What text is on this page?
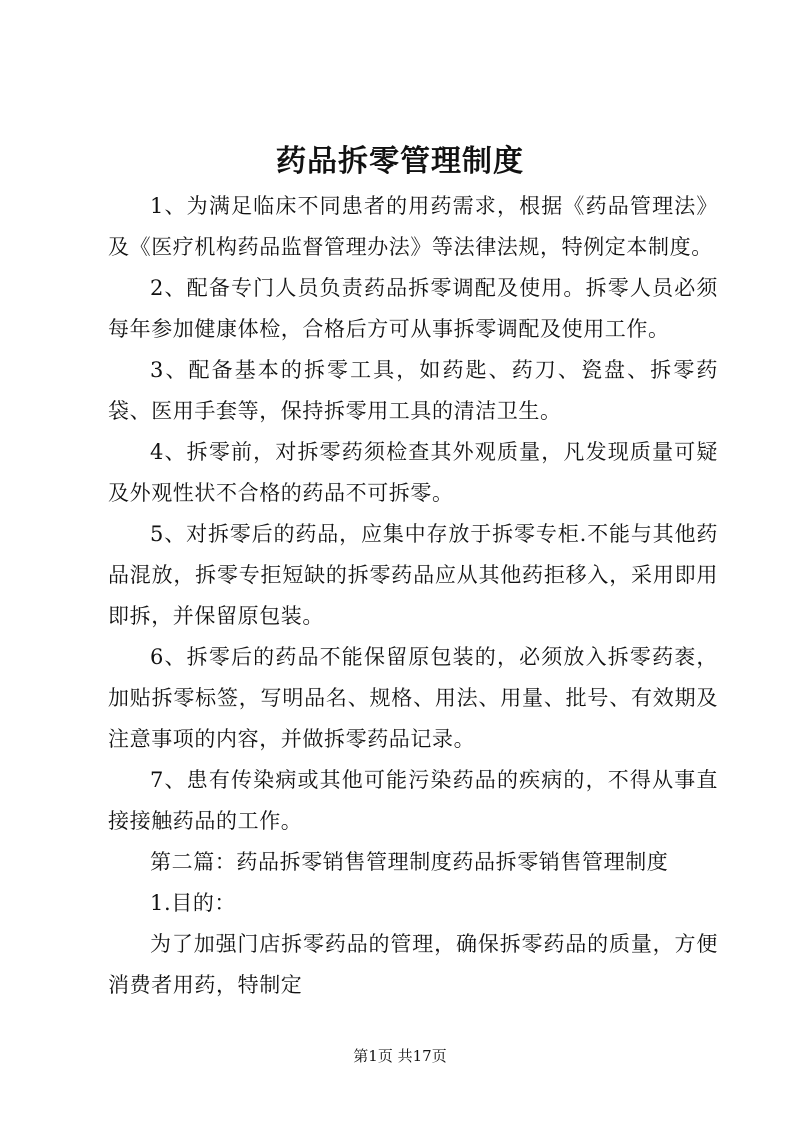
药品拆零管理制度

1、为满足临床不同患者的用药需求，根据《药品管理法》及《医疗机构药品监督管理办法》等法律法规，特例定本制度。

2、配备专门人员负责药品拆零调配及使用。拆零人员必须每年参加健康体检，合格后方可从事拆零调配及使用工作。

3、配备基本的拆零工具，如药匙、药刀、瓷盘、拆零药袋、医用手套等，保持拆零用工具的清洁卫生。

4、拆零前，对拆零药须检查其外观质量，凡发现质量可疑及外观性状不合格的药品不可拆零。

5、对拆零后的药品，应集中存放于拆零专柜.不能与其他药品混放，拆零专拒短缺的拆零药品应从其他药拒移入，采用即用即拆，并保留原包装。

6、拆零后的药品不能保留原包装的，必须放入拆零药袠，加贴拆零标签，写明品名、规格、用法、用量、批号、有效期及注意事项的内容，并做拆零药品记录。

7、患有传染病或其他可能污染药品的疾病的，不得从事直接接触药品的工作。

第二篇：药品拆零销售管理制度药品拆零销售管理制度

1.目的：

为了加强门店拆零药品的管理，确保拆零药品的质量，方便消费者用药，特制定

第1页 共17页
